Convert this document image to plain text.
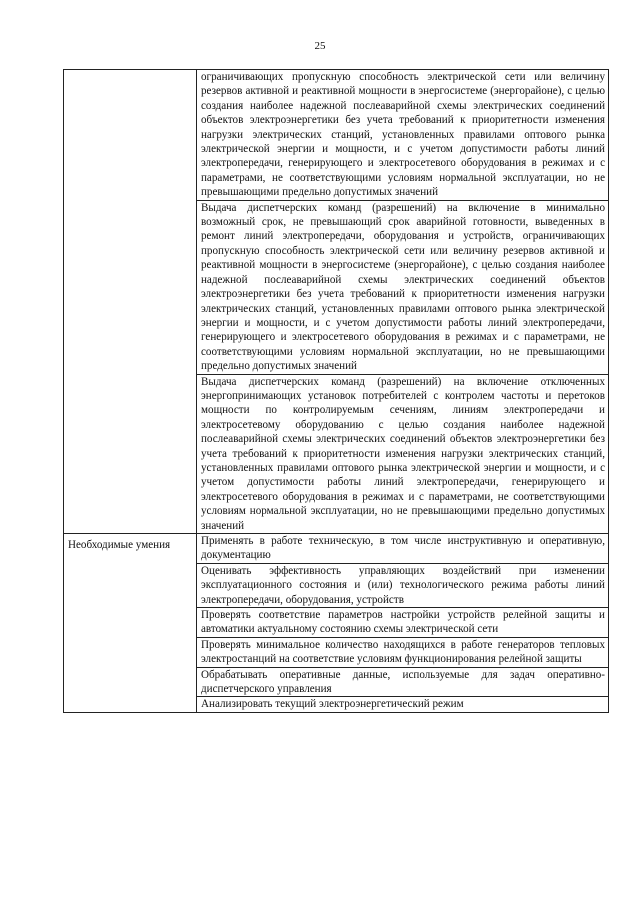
25
	ограничивающих пропускную способность электрической сети или величину резервов активной и реактивной мощности в энергосистеме (энергорайоне), с целью создания наиболее надежной послеаварийной схемы электрических соединений объектов электроэнергетики без учета требований к приоритетности изменения нагрузки электрических станций, установленных правилами оптового рынка электрической энергии и мощности, и с учетом допустимости работы линий электропередачи, генерирующего и электросетевого оборудования в режимах и с параметрами, не соответствующими условиям нормальной эксплуатации, но не превышающими предельно допустимых значений
	Выдача диспетчерских команд (разрешений) на включение в минимально возможный срок, не превышающий срок аварийной готовности, выведенных в ремонт линий электропередачи, оборудования и устройств, ограничивающих пропускную способность электрической сети или величину резервов активной и реактивной мощности в энергосистеме (энергорайоне), с целью создания наиболее надежной послеаварийной схемы электрических соединений объектов электроэнергетики без учета требований к приоритетности изменения нагрузки электрических станций, установленных правилами оптового рынка электрической энергии и мощности, и с учетом допустимости работы линий электропередачи, генерирующего и электросетевого оборудования в режимах и с параметрами, не соответствующими условиям нормальной эксплуатации, но не превышающими предельно допустимых значений
	Выдача диспетчерских команд (разрешений) на включение отключенных энергопринимающих установок потребителей с контролем частоты и перетоков мощности по контролируемым сечениям, линиям электропередачи и электросетевому оборудованию с целью создания наиболее надежной послеаварийной схемы электрических соединений объектов электроэнергетики без учета требований к приоритетности изменения нагрузки электрических станций, установленных правилами оптового рынка электрической энергии и мощности, и с учетом допустимости работы линий электропередачи, генерирующего и электросетевого оборудования в режимах и с параметрами, не соответствующими условиям нормальной эксплуатации, но не превышающими предельно допустимых значений

Необходимые умения	Применять в работе техническую, в том числе инструктивную и оперативную, документацию
	Оценивать эффективность управляющих воздействий при изменении эксплуатационного состояния и (или) технологического режима работы линий электропередачи, оборудования, устройств
	Проверять соответствие параметров настройки устройств релейной защиты и автоматики актуальному состоянию схемы электрической сети
	Проверять минимальное количество находящихся в работе генераторов тепловых электростанций на соответствие условиям функционирования релейной защиты
	Обрабатывать оперативные данные, используемые для задач оперативно-диспетчерского управления
	Анализировать текущий электроэнергетический режим
